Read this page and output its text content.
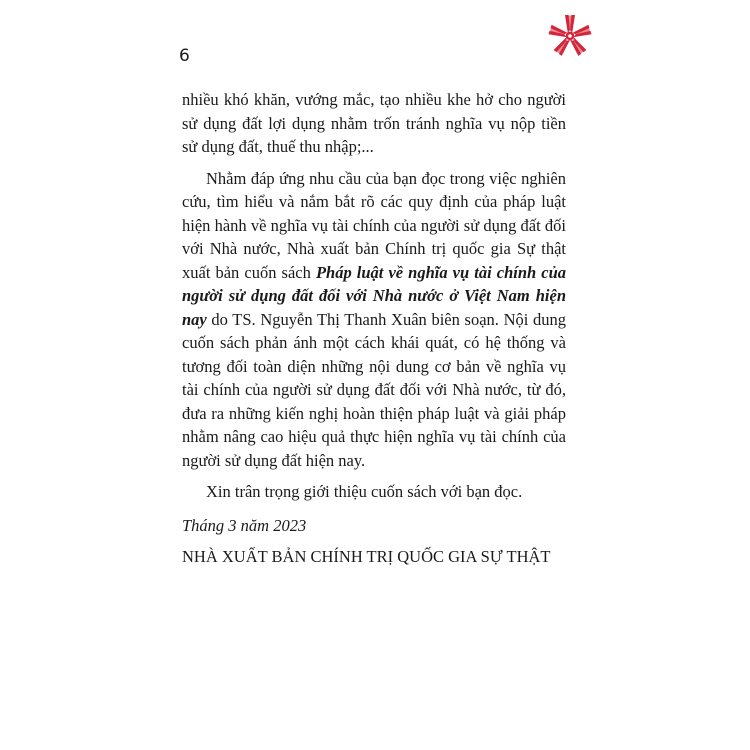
6

nhiều khó khăn, vướng mắc, tạo nhiều khe hở cho người sử dụng đất lợi dụng nhằm trốn tránh nghĩa vụ nộp tiền sử dụng đất, thuế thu nhập;...

Nhằm đáp ứng nhu cầu của bạn đọc trong việc nghiên cứu, tìm hiểu và nắm bắt rõ các quy định của pháp luật hiện hành về nghĩa vụ tài chính của người sử dụng đất đối với Nhà nước, Nhà xuất bản Chính trị quốc gia Sự thật xuất bản cuốn sách Pháp luật về nghĩa vụ tài chính của người sử dụng đất đối với Nhà nước ở Việt Nam hiện nay do TS. Nguyễn Thị Thanh Xuân biên soạn. Nội dung cuốn sách phản ánh một cách khái quát, có hệ thống và tương đối toàn diện những nội dung cơ bản về nghĩa vụ tài chính của người sử dụng đất đối với Nhà nước, từ đó, đưa ra những kiến nghị hoàn thiện pháp luật và giải pháp nhằm nâng cao hiệu quả thực hiện nghĩa vụ tài chính của người sử dụng đất hiện nay.

Xin trân trọng giới thiệu cuốn sách với bạn đọc.

Tháng 3 năm 2023

NHÀ XUẤT BẢN CHÍNH TRỊ QUỐC GIA SỰ THẬT
